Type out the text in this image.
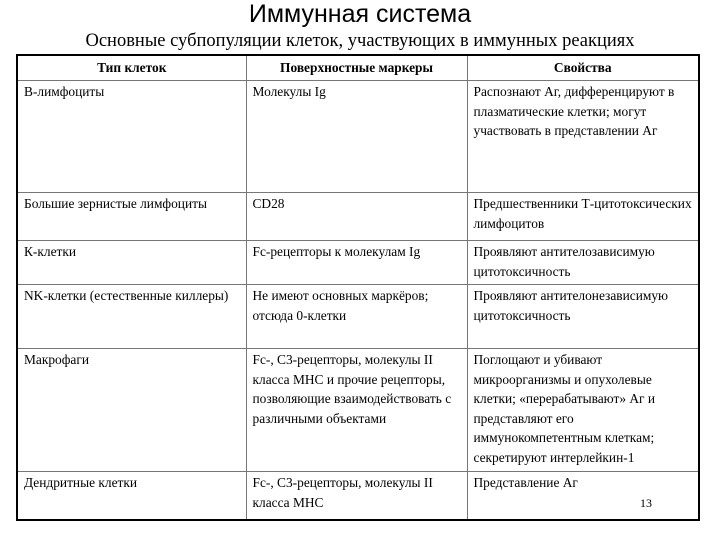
Иммунная система
Основные субпопуляции клеток, участвующих в иммунных реакциях
Тип клеток	Поверхностные маркеры	Свойства
В-лимфоциты	Молекулы Ig	Распознают Аг, дифференцируют в плазматические клетки; могут участвовать в представлении Аг
Большие зернистые лимфоциты	CD28	Предшественники Т-цитотоксических лимфоцитов
К-клетки	Fc-рецепторы к молекулам Ig	Проявляют антителозависимую цитотоксичность
NK-клетки (естественные киллеры)	Не имеют основных маркёров; отсюда 0-клетки	Проявляют антителонезависимую цитотоксичность
Макрофаги	Fc-, С3-рецепторы, молекулы II класса МНС и прочие рецепторы, позволяющие взаимодействовать с различными объектами	Поглощают и убивают микроорганизмы и опухолевые клетки; «перерабатывают» Аг и представляют его иммунокомпетентным клеткам; секретируют интерлейкин-1
Дендритные клетки	Fc-, С3-рецепторы, молекулы II класса МНС	Представление Аг
13
